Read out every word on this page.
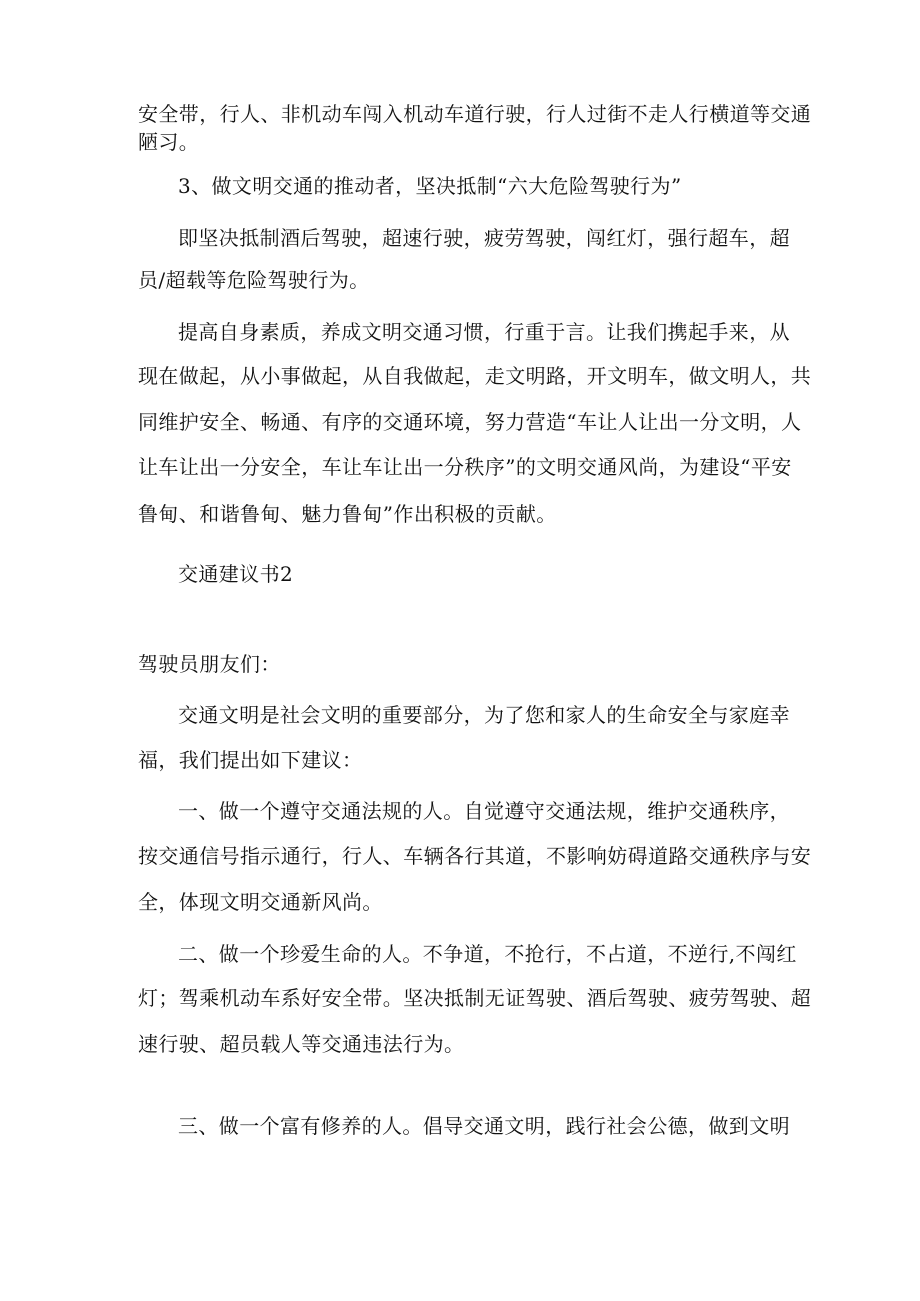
安全带，行人、非机动车闯入机动车道行驶，行人过街不走人行横道等交通
陋习。
3、做文明交通的推动者，坚决抵制“六大危险驾驶行为”
即坚决抵制酒后驾驶，超速行驶，疲劳驾驶，闯红灯，强行超车，超
员/超载等危险驾驶行为。
提高自身素质，养成文明交通习惯，行重于言。让我们携起手来，从
现在做起，从小事做起，从自我做起，走文明路，开文明车，做文明人，共
同维护安全、畅通、有序的交通环境，努力营造“车让人让出一分文明，人
让车让出一分安全，车让车让出一分秩序”的文明交通风尚，为建设“平安
鲁甸、和谐鲁甸、魅力鲁甸”作出积极的贡献。
交通建议书2
驾驶员朋友们：
交通文明是社会文明的重要部分，为了您和家人的生命安全与家庭幸
福，我们提出如下建议：
一、做一个遵守交通法规的人。自觉遵守交通法规，维护交通秩序，
按交通信号指示通行，行人、车辆各行其道，不影响妨碍道路交通秩序与安
全，体现文明交通新风尚。
二、做一个珍爱生命的人。不争道，不抢行，不占道，不逆行,不闯红
灯；驾乘机动车系好安全带。坚决抵制无证驾驶、酒后驾驶、疲劳驾驶、超
速行驶、超员载人等交通违法行为。
三、做一个富有修养的人。倡导交通文明，践行社会公德，做到文明
